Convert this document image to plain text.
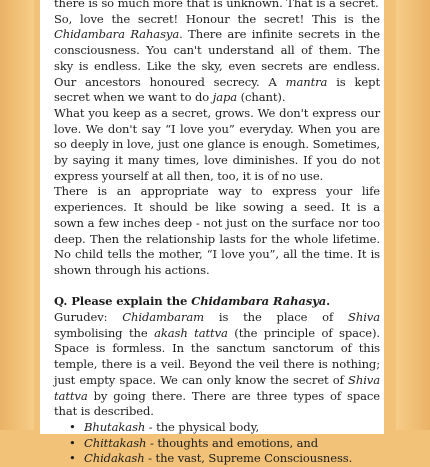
there is so much more that is unknown. That is a secret.

So, love the secret! Honour the secret! This is the Chidambara Rahasya. There are infinite secrets in the consciousness. You can't understand all of them. The sky is endless. Like the sky, even secrets are endless. Our ancestors honoured secrecy. A mantra is kept secret when we want to do japa (chant).

What you keep as a secret, grows. We don't express our love. We don't say “I love you” everyday. When you are so deeply in love, just one glance is enough. Sometimes, by saying it many times, love diminishes. If you do not express yourself at all then, too, it is of no use.

There is an appropriate way to express your life experiences. It should be like sowing a seed. It is a sown a few inches deep - not just on the surface nor too deep. Then the relationship lasts for the whole lifetime. No child tells the mother, “I love you”, all the time. It is shown through his actions.

Q. Please explain the Chidambara Rahasya.

Gurudev: Chidambaram is the place of Shiva symbolising the akash tattva (the principle of space). Space is formless. In the sanctum sanctorum of this temple, there is a veil. Beyond the veil there is nothing; just empty space. We can only know the secret of Shiva tattva by going there. There are three types of space that is described.

• Bhutakash - the physical body,
• Chittakash - thoughts and emotions, and
• Chidakash - the vast, Supreme Consciousness.
